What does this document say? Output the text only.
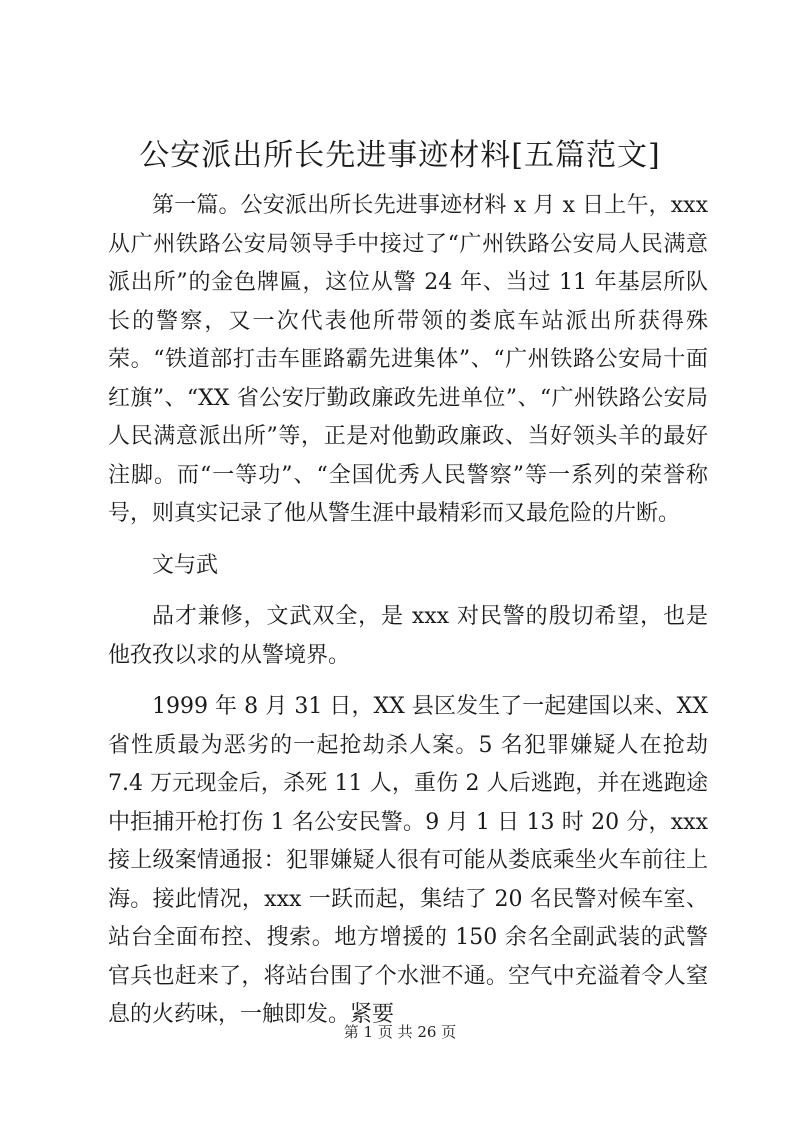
公安派出所长先进事迹材料[五篇范文]

第一篇。公安派出所长先进事迹材料 x 月 x 日上午，xxx 从广州铁路公安局领导手中接过了“广州铁路公安局人民满意派出所”的金色牌匾，这位从警 24 年、当过 11 年基层所队长的警察，又一次代表他所带领的娄底车站派出所获得殊荣。“铁道部打击车匪路霸先进集体”、“广州铁路公安局十面红旗”、“XX 省公安厅勤政廉政先进单位”、“广州铁路公安局人民满意派出所”等，正是对他勤政廉政、当好领头羊的最好注脚。而“一等功”、“全国优秀人民警察”等一系列的荣誉称号，则真实记录了他从警生涯中最精彩而又最危险的片断。

文与武

品才兼修，文武双全，是 xxx 对民警的殷切希望，也是他孜孜以求的从警境界。

1999 年 8 月 31 日，XX 县区发生了一起建国以来、XX 省性质最为恶劣的一起抢劫杀人案。5 名犯罪嫌疑人在抢劫 7.4 万元现金后，杀死 11 人，重伤 2 人后逃跑，并在逃跑途中拒捕开枪打伤 1 名公安民警。9 月 1 日 13 时 20 分，xxx 接上级案情通报：犯罪嫌疑人很有可能从娄底乘坐火车前往上海。接此情况，xxx 一跃而起，集结了 20 名民警对候车室、站台全面布控、搜索。地方增援的 150 余名全副武装的武警官兵也赶来了，将站台围了个水泄不通。空气中充溢着令人窒息的火药味，一触即发。紧要

第 1 页 共 26 页
